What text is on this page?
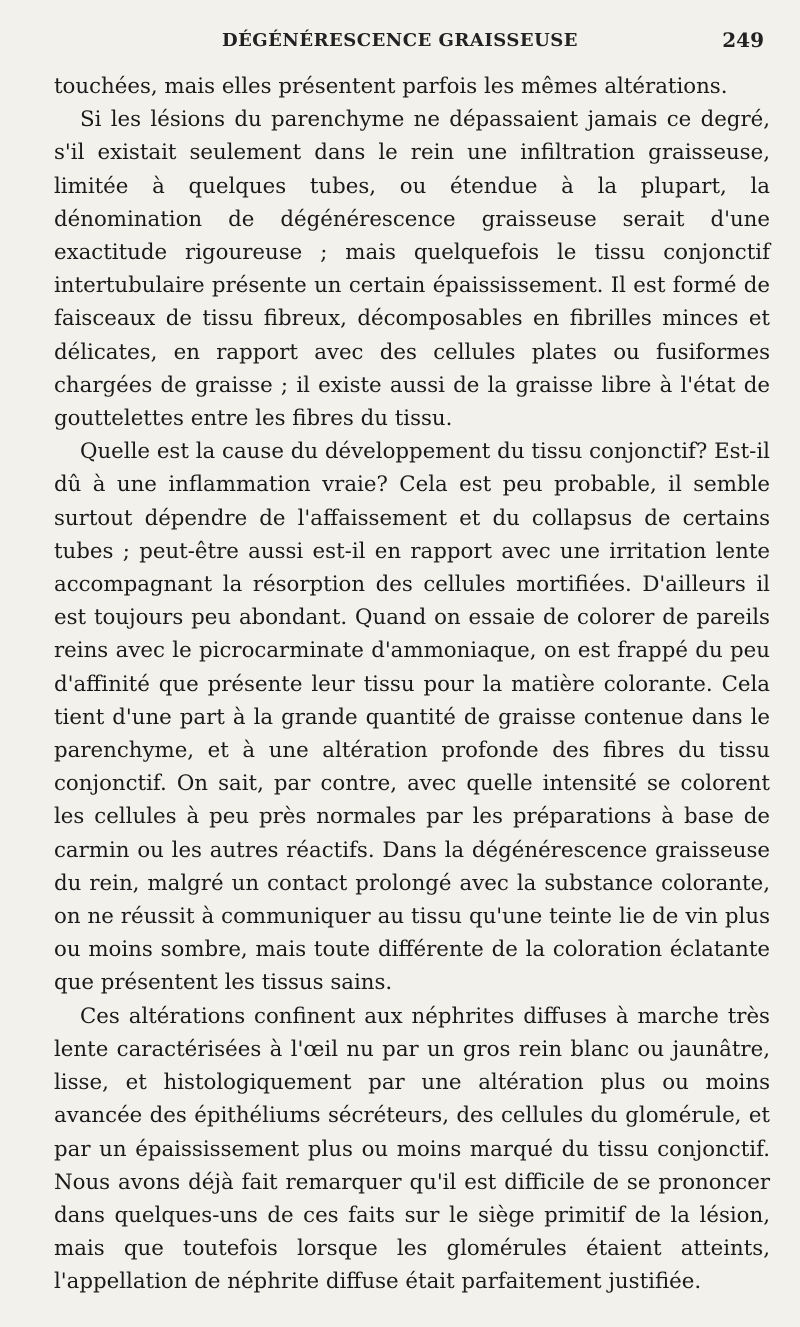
DÉGÉNÉRESCENCE GRAISSEUSE	249

touchées, mais elles présentent parfois les mêmes altérations.

Si les lésions du parenchyme ne dépassaient jamais ce degré, s'il existait seulement dans le rein une infiltration graisseuse, limitée à quelques tubes, ou étendue à la plupart, la dénomination de dégénérescence graisseuse serait d'une exactitude rigoureuse ; mais quelquefois le tissu conjonctif intertubulaire présente un certain épaississement. Il est formé de faisceaux de tissu fibreux, décomposables en fibrilles minces et délicates, en rapport avec des cellules plates ou fusiformes chargées de graisse ; il existe aussi de la graisse libre à l'état de gouttelettes entre les fibres du tissu.

Quelle est la cause du développement du tissu conjonctif? Est-il dû à une inflammation vraie? Cela est peu probable, il semble surtout dépendre de l'affaissement et du collapsus de certains tubes ; peut-être aussi est-il en rapport avec une irritation lente accompagnant la résorption des cellules mortifiées. D'ailleurs il est toujours peu abondant. Quand on essaie de colorer de pareils reins avec le picrocarminate d'ammoniaque, on est frappé du peu d'affinité que présente leur tissu pour la matière colorante. Cela tient d'une part à la grande quantité de graisse contenue dans le parenchyme, et à une altération profonde des fibres du tissu conjonctif. On sait, par contre, avec quelle intensité se colorent les cellules à peu près normales par les préparations à base de carmin ou les autres réactifs. Dans la dégénérescence graisseuse du rein, malgré un contact prolongé avec la substance colorante, on ne réussit à communiquer au tissu qu'une teinte lie de vin plus ou moins sombre, mais toute différente de la coloration éclatante que présentent les tissus sains.

Ces altérations confinent aux néphrites diffuses à marche très lente caractérisées à l'œil nu par un gros rein blanc ou jaunâtre, lisse, et histologiquement par une altération plus ou moins avancée des épithéliums sécréteurs, des cellules du glomérule, et par un épaississement plus ou moins marqué du tissu conjonctif. Nous avons déjà fait remarquer qu'il est difficile de se prononcer dans quelques-uns de ces faits sur le siège primitif de la lésion, mais que toutefois lorsque les glomérules étaient atteints, l'appellation de néphrite diffuse était parfaitement justifiée.
